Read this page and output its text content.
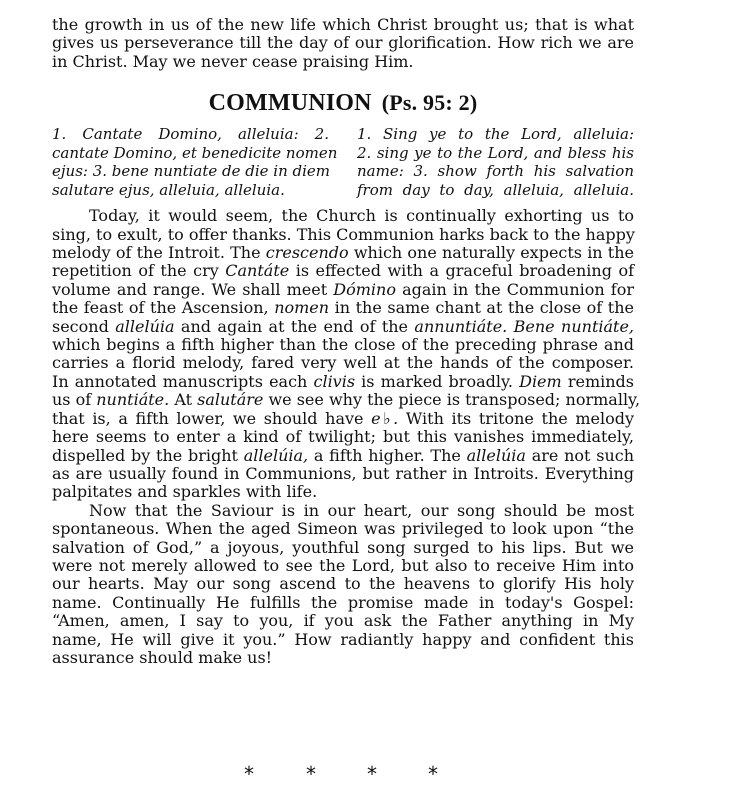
the growth in us of the new life which Christ brought us; that is what
gives us perseverance till the day of our glorification. How rich we are
in Christ. May we never cease praising Him.
COMMUNION (Ps. 95: 2)
1. Cantate Domino, alleluia: 2.
cantate Domino, et benedicite nomen
ejus: 3. bene nuntiate de die in diem
salutare ejus, alleluia, alleluia.
1. Sing ye to the Lord, alleluia:
2. sing ye to the Lord, and bless his
name: 3. show forth his salvation
from day to day, alleluia, alleluia.
Today, it would seem, the Church is continually exhorting us to
sing, to exult, to offer thanks. This Communion harks back to the happy
melody of the Introit. The crescendo which one naturally expects in the
repetition of the cry Cantáte is effected with a graceful broadening of
volume and range. We shall meet Dómino again in the Communion for
the feast of the Ascension, nomen in the same chant at the close of the
second allelúia and again at the end of the annuntiáte. Bene nuntiáte,
which begins a fifth higher than the close of the preceding phrase and
carries a florid melody, fared very well at the hands of the composer.
In annotated manuscripts each clivis is marked broadly. Diem reminds
us of nuntiáte. At salutáre we see why the piece is transposed; normally,
that is, a fifth lower, we should have e♭. With its tritone the melody
here seems to enter a kind of twilight; but this vanishes immediately,
dispelled by the bright allelúia, a fifth higher. The allelúia are not such
as are usually found in Communions, but rather in Introits. Everything
palpitates and sparkles with life.
Now that the Saviour is in our heart, our song should be most
spontaneous. When the aged Simeon was privileged to look upon “the
salvation of God,” a joyous, youthful song surged to his lips. But we
were not merely allowed to see the Lord, but also to receive Him into
our hearts. May our song ascend to the heavens to glorify His holy
name. Continually He fulfills the promise made in today's Gospel:
“Amen, amen, I say to you, if you ask the Father anything in My
name, He will give it you.” How radiantly happy and confident this
assurance should make us!
*	*	*	*
